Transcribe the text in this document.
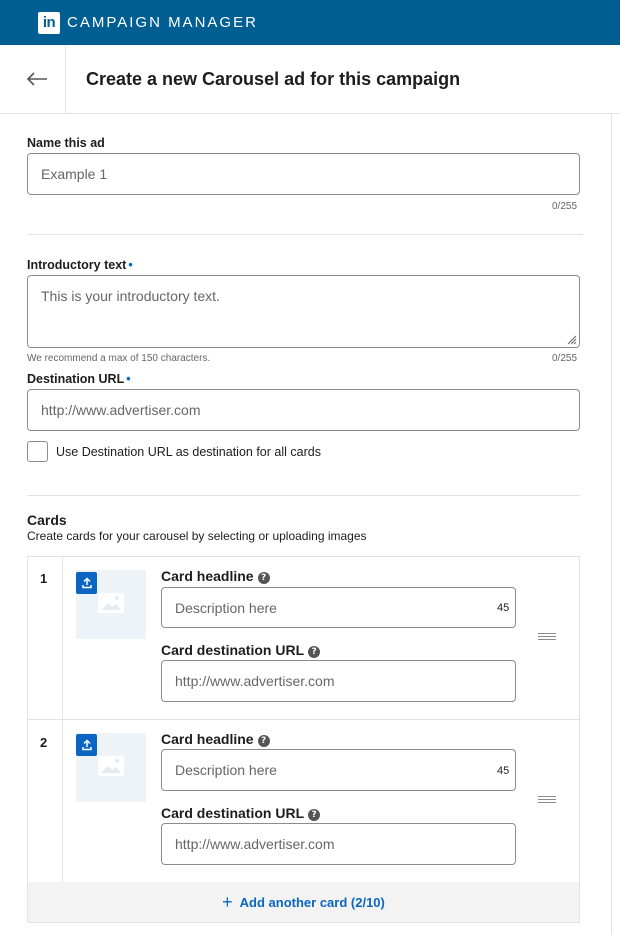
in CAMPAIGN MANAGER
Create a new Carousel ad for this campaign
Name this ad
Example 1
0/255
Introductory text •
This is your introductory text.
We recommend a max of 150 characters.	0/255
Destination URL •
http://www.advertiser.com
Use Destination URL as destination for all cards
Cards
Create cards for your carousel by selecting or uploading images
1	Card headline ?
Description here	45
Card destination URL ?
http://www.advertiser.com
2	Card headline ?
Description here	45
Card destination URL ?
http://www.advertiser.com
+ Add another card (2/10)
